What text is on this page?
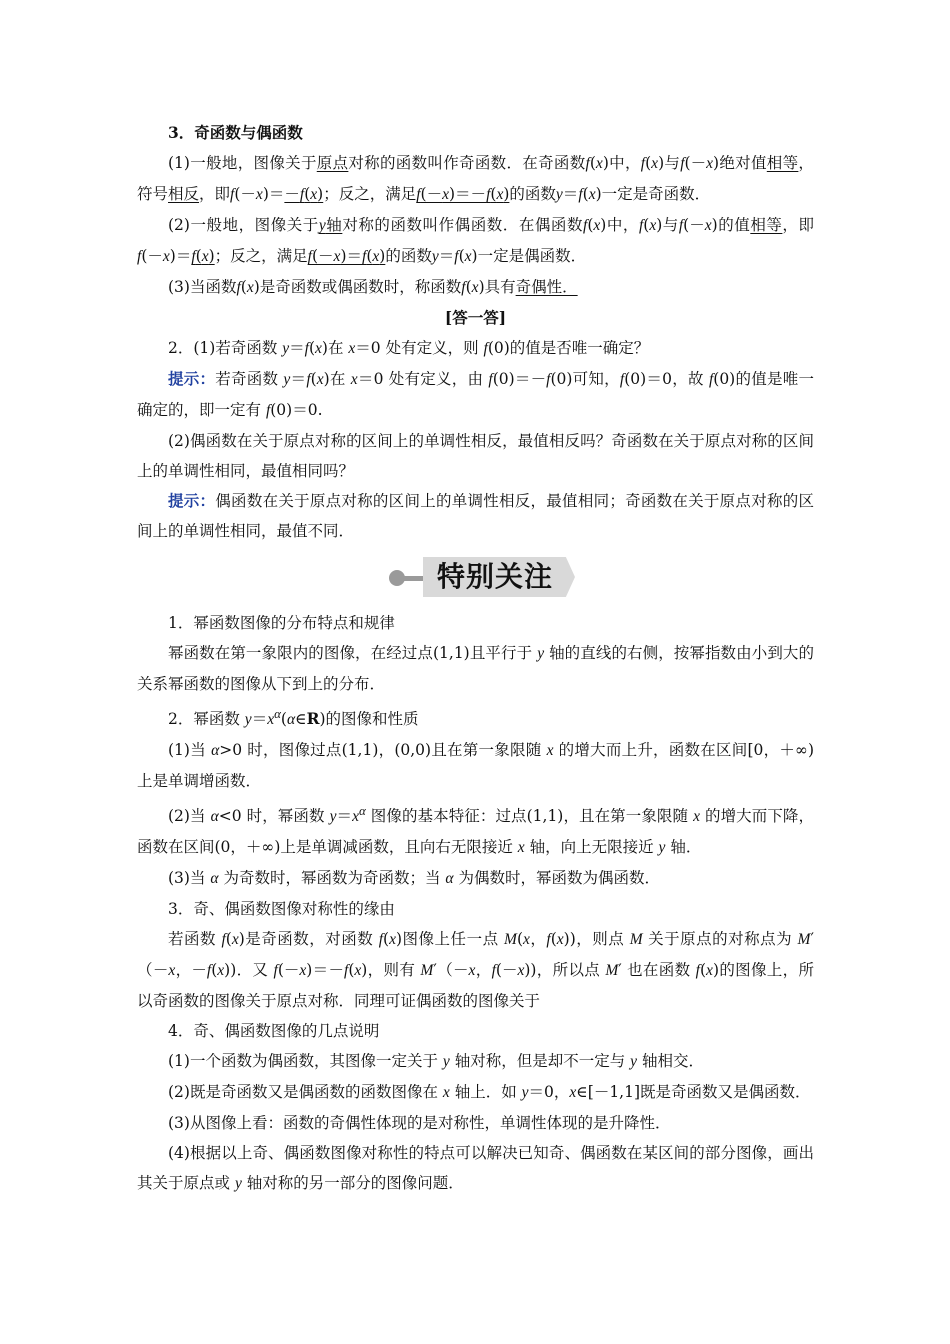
3．奇函数与偶函数

(1)一般地，图像关于原点对称的函数叫作奇函数．在奇函数f(x)中，f(x)与f(－x)绝对值相等，符号相反，即f(－x)＝－f(x)；反之，满足f(－x)＝－f(x)的函数y＝f(x)一定是奇函数．

(2)一般地，图像关于y轴对称的函数叫作偶函数．在偶函数f(x)中，f(x)与f(－x)的值相等，即f(－x)＝f(x)；反之，满足f(－x)＝f(x)的函数y＝f(x)一定是偶函数．

(3)当函数f(x)是奇函数或偶函数时，称函数f(x)具有奇偶性．

[答一答]

2．(1)若奇函数 y＝f(x)在 x＝0 处有定义，则 f(0)的值是否唯一确定？

提示：若奇函数 y＝f(x)在 x＝0 处有定义，由 f(0)＝－f(0)可知，f(0)＝0，故 f(0)的值是唯一确定的，即一定有 f(0)＝0.

(2)偶函数在关于原点对称的区间上的单调性相反，最值相反吗？奇函数在关于原点对称的区间上的单调性相同，最值相同吗？

提示：偶函数在关于原点对称的区间上的单调性相反，最值相同；奇函数在关于原点对称的区间上的单调性相同，最值不同．

特别关注

1．幂函数图像的分布特点和规律

幂函数在第一象限内的图像，在经过点(1,1)且平行于 y 轴的直线的右侧，按幂指数由小到大的关系幂函数的图像从下到上的分布．

2．幂函数 $y=x^\alpha(\alpha\in R)$的图像和性质

(1)当 α>0 时，图像过点(1,1)，(0,0)且在第一象限随 x 的增大而上升，函数在区间[0，＋∞)上是单调增函数．

(2)当 α<0 时，幂函数 $y=x^\alpha$ 图像的基本特征：过点(1,1)，且在第一象限随 x 的增大而下降，函数在区间(0，＋∞)上是单调减函数，且向右无限接近 x 轴，向上无限接近 y 轴．

(3)当 α 为奇数时，幂函数为奇函数；当 α 为偶数时，幂函数为偶函数．

3．奇、偶函数图像对称性的缘由

若函数 f(x)是奇函数，对函数 f(x)图像上任一点 M(x，f(x))，则点 M 关于原点的对称点为 M′（－x，－f(x))．又 f(－x)＝－f(x)，则有 M′（－x，f(－x))，所以点 M′ 也在函数 f(x)的图像上，所以奇函数的图像关于原点对称．同理可证偶函数的图像关于

4．奇、偶函数图像的几点说明

(1)一个函数为偶函数，其图像一定关于 y 轴对称，但是却不一定与 y 轴相交．

(2)既是奇函数又是偶函数的函数图像在 x 轴上．如 y＝0，x∈[－1,1]既是奇函数又是偶函数．

(3)从图像上看：函数的奇偶性体现的是对称性，单调性体现的是升降性．

(4)根据以上奇、偶函数图像对称性的特点可以解决已知奇、偶函数在某区间的部分图像，画出其关于原点或 y 轴对称的另一部分的图像问题．
